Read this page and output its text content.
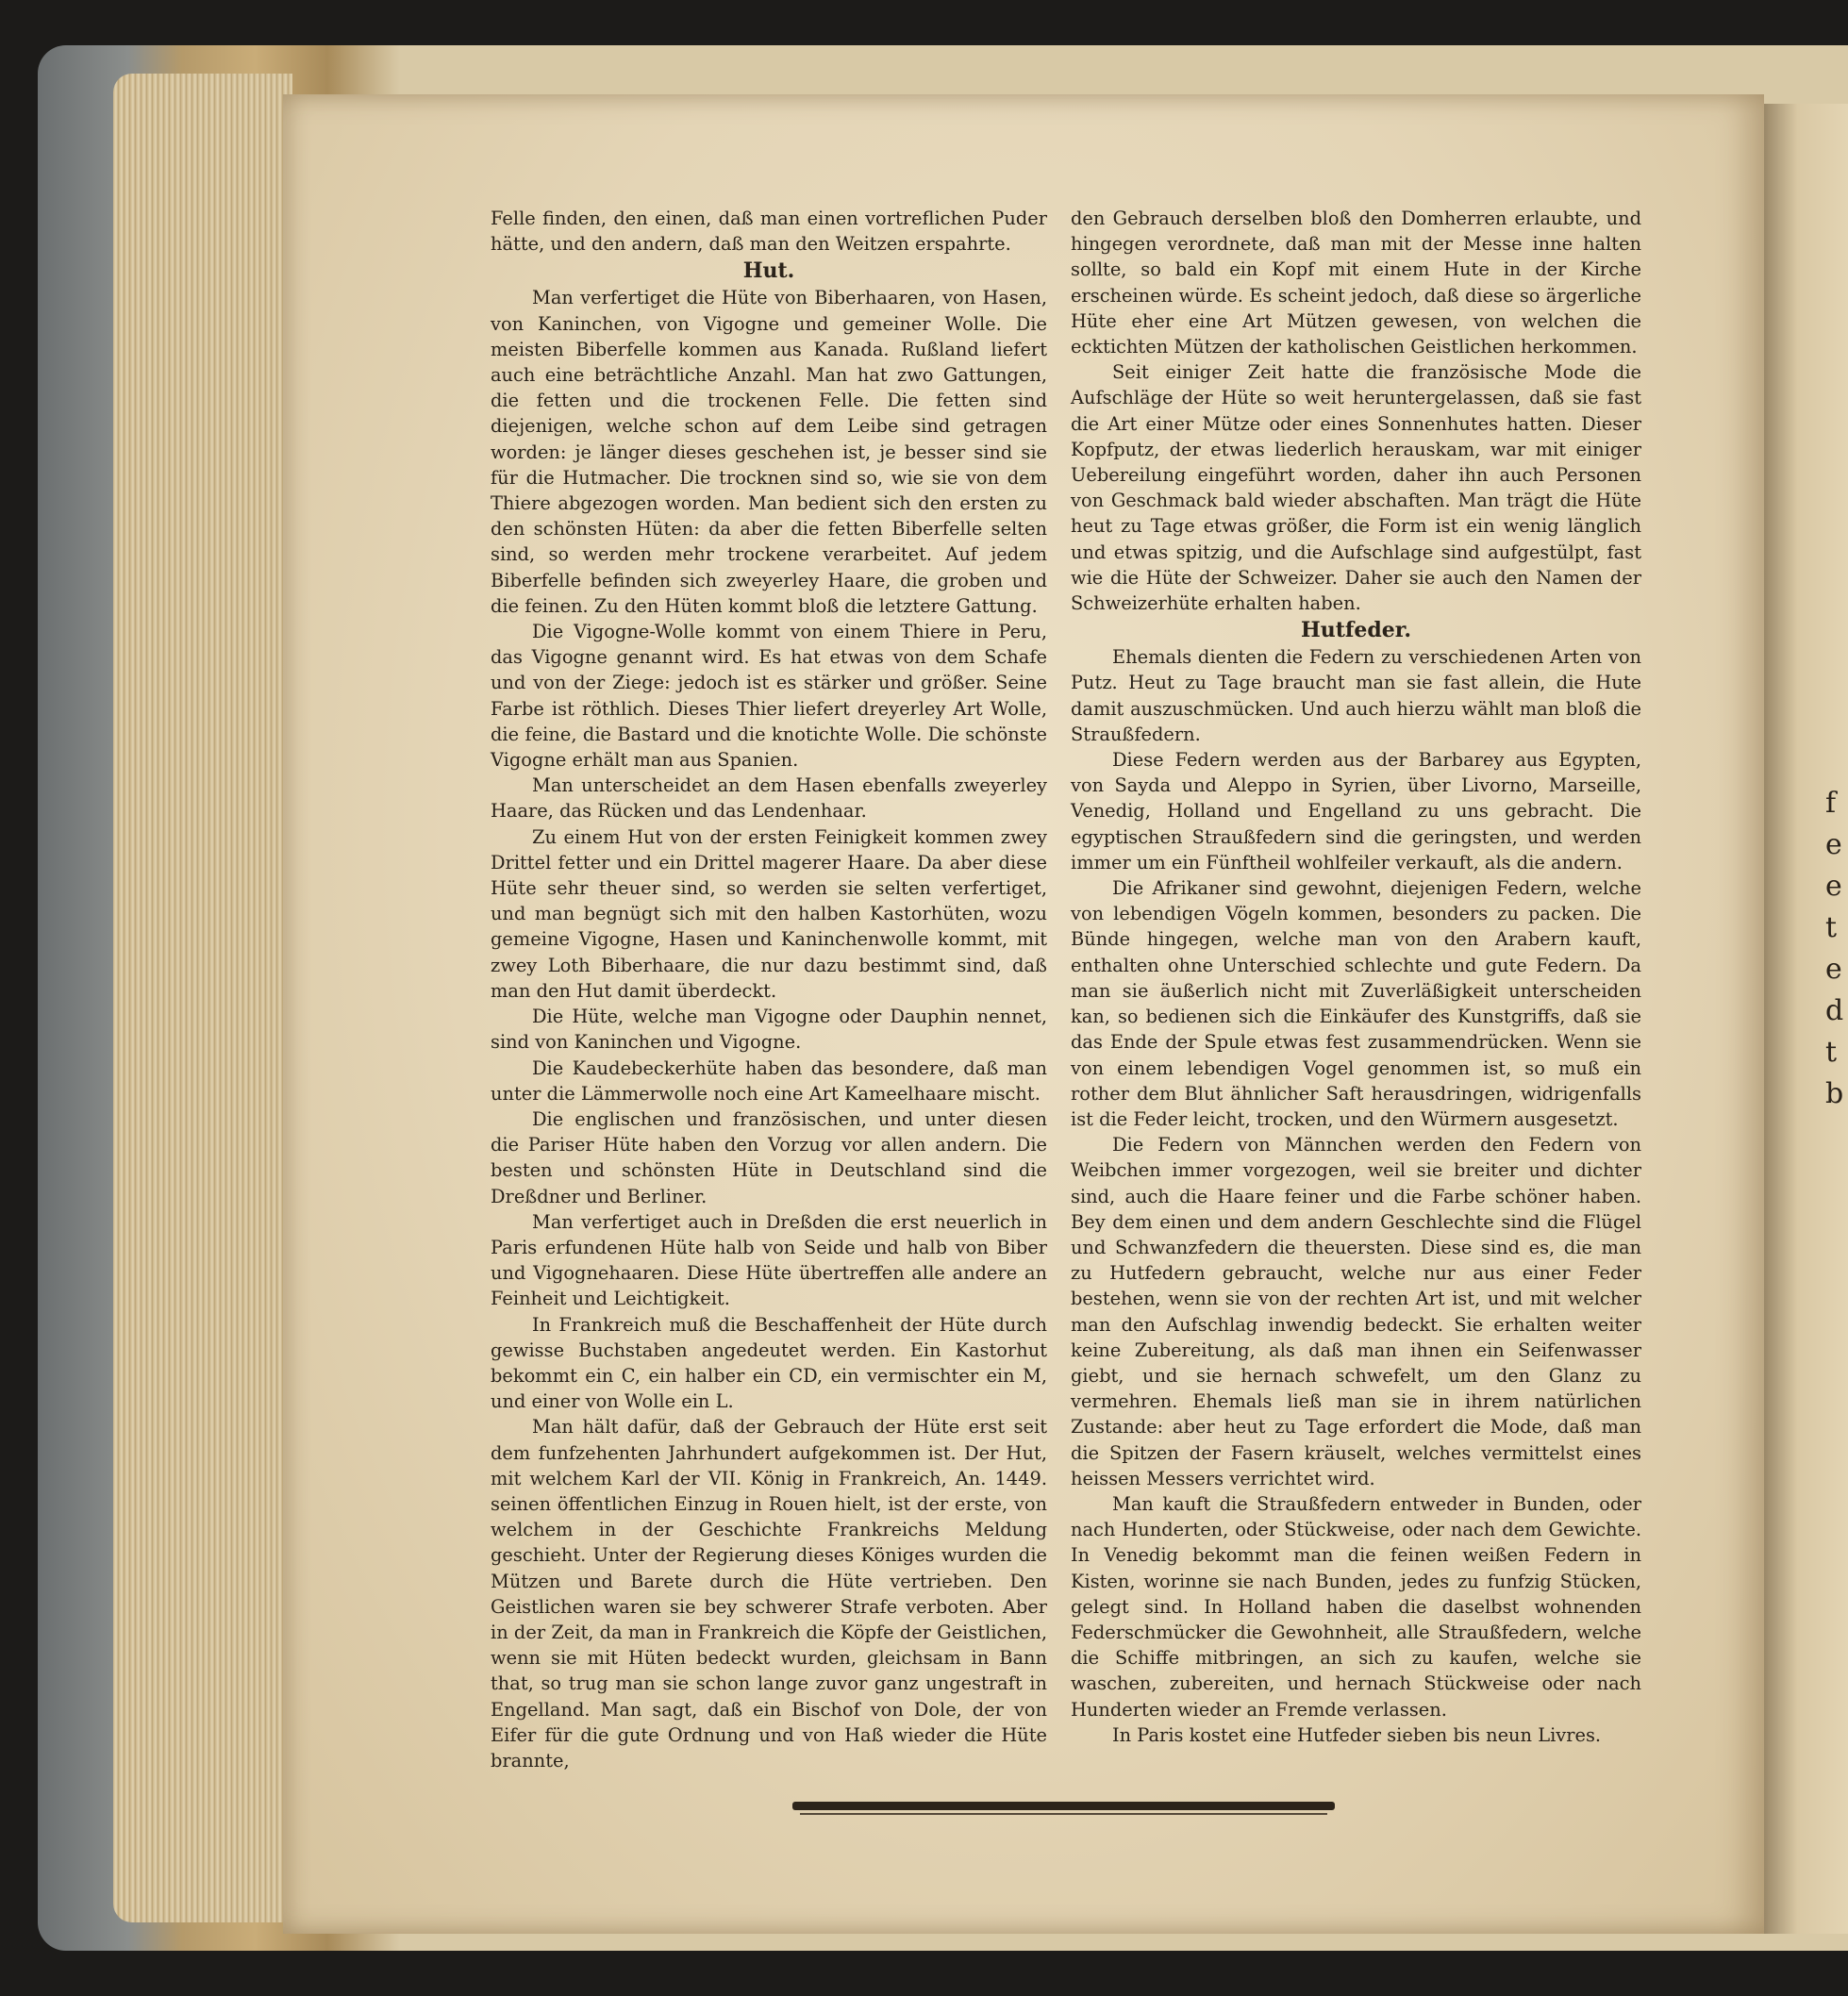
f
e
e
t
e
d
t
b

Felle finden, den einen, daß man einen vortreflichen Puder hätte, und den andern, daß man den Weitzen erspahrte.

Hut.

Man verfertiget die Hüte von Biberhaaren, von Hasen, von Kaninchen, von Vigogne und gemeiner Wolle. Die meisten Biberfelle kommen aus Kanada. Rußland liefert auch eine beträchtliche Anzahl. Man hat zwo Gattungen, die fetten und die trockenen Felle. Die fetten sind diejenigen, welche schon auf dem Leibe sind getragen worden: je länger dieses geschehen ist, je besser sind sie für die Hutmacher. Die trocknen sind so, wie sie von dem Thiere abgezogen worden. Man bedient sich den ersten zu den schönsten Hüten: da aber die fetten Biberfelle selten sind, so werden mehr trockene verarbeitet. Auf jedem Biberfelle befinden sich zweyerley Haare, die groben und die feinen. Zu den Hüten kommt bloß die letztere Gattung.

Die Vigogne-Wolle kommt von einem Thiere in Peru, das Vigogne genannt wird. Es hat etwas von dem Schafe und von der Ziege: jedoch ist es stärker und größer. Seine Farbe ist röthlich. Dieses Thier liefert dreyerley Art Wolle, die feine, die Bastard und die knotichte Wolle. Die schönste Vigogne erhält man aus Spanien.

Man unterscheidet an dem Hasen ebenfalls zweyerley Haare, das Rücken und das Lendenhaar.

Zu einem Hut von der ersten Feinigkeit kommen zwey Drittel fetter und ein Drittel magerer Haare. Da aber diese Hüte sehr theuer sind, so werden sie selten verfertiget, und man begnügt sich mit den halben Kastorhüten, wozu gemeine Vigogne, Hasen und Kaninchenwolle kommt, mit zwey Loth Biberhaare, die nur dazu bestimmt sind, daß man den Hut damit überdeckt.

Die Hüte, welche man Vigogne oder Dauphin nennet, sind von Kaninchen und Vigogne.

Die Kaudebeckerhüte haben das besondere, daß man unter die Lämmerwolle noch eine Art Kameelhaare mischt.

Die englischen und französischen, und unter diesen die Pariser Hüte haben den Vorzug vor allen andern. Die besten und schönsten Hüte in Deutschland sind die Dreßdner und Berliner.

Man verfertiget auch in Dreßden die erst neuerlich in Paris erfundenen Hüte halb von Seide und halb von Biber und Vigognehaaren. Diese Hüte übertreffen alle andere an Feinheit und Leichtigkeit.

In Frankreich muß die Beschaffenheit der Hüte durch gewisse Buchstaben angedeutet werden. Ein Kastorhut bekommt ein C, ein halber ein CD, ein vermischter ein M, und einer von Wolle ein L.

Man hält dafür, daß der Gebrauch der Hüte erst seit dem funfzehenten Jahrhundert aufgekommen ist. Der Hut, mit welchem Karl der VII. König in Frankreich, An. 1449. seinen öffentlichen Einzug in Rouen hielt, ist der erste, von welchem in der Geschichte Frankreichs Meldung geschieht. Unter der Regierung dieses Königes wurden die Mützen und Barete durch die Hüte vertrieben. Den Geistlichen waren sie bey schwerer Strafe verboten. Aber in der Zeit, da man in Frankreich die Köpfe der Geistlichen, wenn sie mit Hüten bedeckt wurden, gleichsam in Bann that, so trug man sie schon lange zuvor ganz ungestraft in Engelland. Man sagt, daß ein Bischof von Dole, der von Eifer für die gute Ordnung und von Haß wieder die Hüte brannte,

den Gebrauch derselben bloß den Domherren erlaubte, und hingegen verordnete, daß man mit der Messe inne halten sollte, so bald ein Kopf mit einem Hute in der Kirche erscheinen würde. Es scheint jedoch, daß diese so ärgerliche Hüte eher eine Art Mützen gewesen, von welchen die ecktichten Mützen der katholischen Geistlichen herkommen.

Seit einiger Zeit hatte die französische Mode die Aufschläge der Hüte so weit heruntergelassen, daß sie fast die Art einer Mütze oder eines Sonnenhutes hatten. Dieser Kopfputz, der etwas liederlich herauskam, war mit einiger Uebereilung eingeführt worden, daher ihn auch Personen von Geschmack bald wieder abschaften. Man trägt die Hüte heut zu Tage etwas größer, die Form ist ein wenig länglich und etwas spitzig, und die Aufschlage sind aufgestülpt, fast wie die Hüte der Schweizer. Daher sie auch den Namen der Schweizerhüte erhalten haben.

Hutfeder.

Ehemals dienten die Federn zu verschiedenen Arten von Putz. Heut zu Tage braucht man sie fast allein, die Hute damit auszuschmücken. Und auch hierzu wählt man bloß die Straußfedern.

Diese Federn werden aus der Barbarey aus Egypten, von Sayda und Aleppo in Syrien, über Livorno, Marseille, Venedig, Holland und Engelland zu uns gebracht. Die egyptischen Straußfedern sind die geringsten, und werden immer um ein Fünftheil wohlfeiler verkauft, als die andern.

Die Afrikaner sind gewohnt, diejenigen Federn, welche von lebendigen Vögeln kommen, besonders zu packen. Die Bünde hingegen, welche man von den Arabern kauft, enthalten ohne Unterschied schlechte und gute Federn. Da man sie äußerlich nicht mit Zuverläßigkeit unterscheiden kan, so bedienen sich die Einkäufer des Kunstgriffs, daß sie das Ende der Spule etwas fest zusammendrücken. Wenn sie von einem lebendigen Vogel genommen ist, so muß ein rother dem Blut ähnlicher Saft herausdringen, widrigenfalls ist die Feder leicht, trocken, und den Würmern ausgesetzt.

Die Federn von Männchen werden den Federn von Weibchen immer vorgezogen, weil sie breiter und dichter sind, auch die Haare feiner und die Farbe schöner haben. Bey dem einen und dem andern Geschlechte sind die Flügel und Schwanzfedern die theuersten. Diese sind es, die man zu Hutfedern gebraucht, welche nur aus einer Feder bestehen, wenn sie von der rechten Art ist, und mit welcher man den Aufschlag inwendig bedeckt. Sie erhalten weiter keine Zubereitung, als daß man ihnen ein Seifenwasser giebt, und sie hernach schwefelt, um den Glanz zu vermehren. Ehemals ließ man sie in ihrem natürlichen Zustande: aber heut zu Tage erfordert die Mode, daß man die Spitzen der Fasern kräuselt, welches vermittelst eines heissen Messers verrichtet wird.

Man kauft die Straußfedern entweder in Bunden, oder nach Hunderten, oder Stückweise, oder nach dem Gewichte. In Venedig bekommt man die feinen weißen Federn in Kisten, worinne sie nach Bunden, jedes zu funfzig Stücken, gelegt sind. In Holland haben die daselbst wohnenden Federschmücker die Gewohnheit, alle Straußfedern, welche die Schiffe mitbringen, an sich zu kaufen, welche sie waschen, zubereiten, und hernach Stückweise oder nach Hunderten wieder an Fremde verlassen.

In Paris kostet eine Hutfeder sieben bis neun Livres.
